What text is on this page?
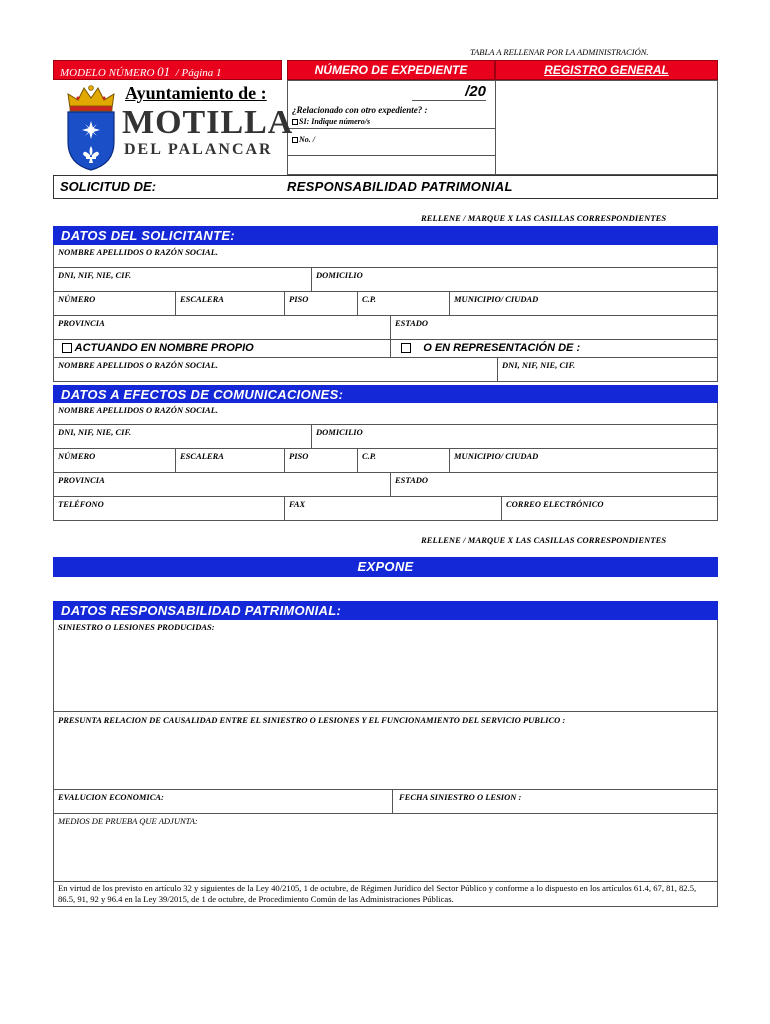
TABLA A RELLENAR POR LA ADMINISTRACIÓN.
MODELO NÚMERO 01 / Página 1	NÚMERO DE EXPEDIENTE	REGISTRO GENERAL
/20
¿Relacionado con otro expediente? :
SI: Indique número/s
No. /
Ayuntamiento de :
MOTILLA
DEL PALANCAR
SOLICITUD DE:	RESPONSABILIDAD PATRIMONIAL
RELLENE / MARQUE X LAS CASILLAS CORRESPONDIENTES
DATOS DEL SOLICITANTE:
NOMBRE APELLIDOS O RAZÓN SOCIAL.
DNI, NIF, NIE, CIF.	DOMICILIO
NÚMERO	ESCALERA	PISO	C.P.	MUNICIPIO/ CIUDAD
PROVINCIA	ESTADO
ACTUANDO EN NOMBRE PROPIO	O EN REPRESENTACIÓN DE :
NOMBRE APELLIDOS O RAZÓN SOCIAL.	DNI, NIF, NIE, CIF.
DATOS A EFECTOS DE COMUNICACIONES:
NOMBRE APELLIDOS O RAZÓN SOCIAL.
DNI, NIF, NIE, CIF.	DOMICILIO
NÚMERO	ESCALERA	PISO	C.P.	MUNICIPIO/ CIUDAD
PROVINCIA	ESTADO
TELÉFONO	FAX	CORREO ELECTRÓNICO
RELLENE / MARQUE X LAS CASILLAS CORRESPONDIENTES
EXPONE
DATOS RESPONSABILIDAD PATRIMONIAL:
SINIESTRO O LESIONES PRODUCIDAS:
PRESUNTA RELACION DE CAUSALIDAD ENTRE EL SINIESTRO O LESIONES Y EL FUNCIONAMIENTO DEL SERVICIO PUBLICO :
EVALUCION ECONOMICA:	FECHA SINIESTRO O LESION :
MEDIOS DE PRUEBA QUE ADJUNTA:
En virtud de los previsto en artículo 32 y siguientes de la Ley 40/2105, 1 de octubre, de Régimen Jurídico del Sector Público y conforme a lo dispuesto en los artículos 61.4, 67, 81, 82.5, 86.5, 91, 92 y 96.4 en la Ley 39/2015, de 1 de octubre, de Procedimiento Común de las Administraciones Públicas.
